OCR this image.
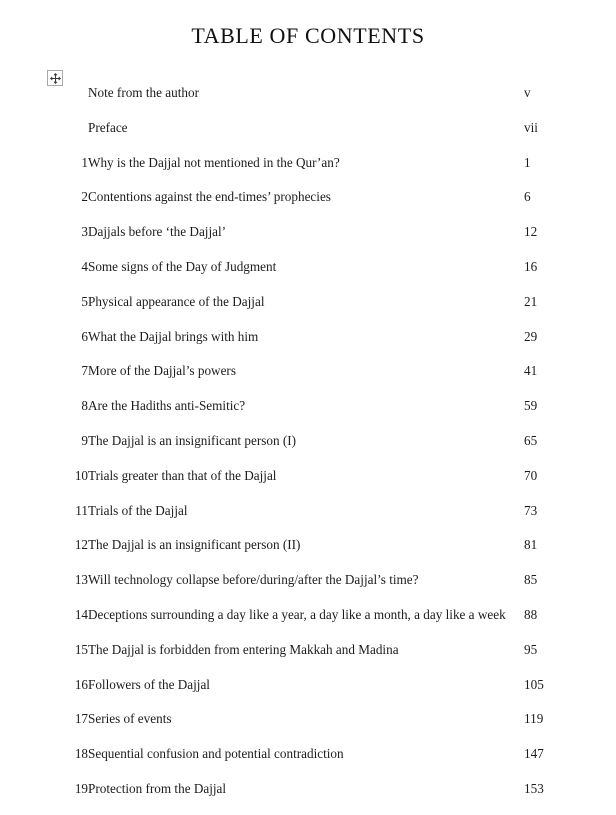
TABLE OF CONTENTS
	Note from the author	v
	Preface	vii
1	Why is the Dajjal not mentioned in the Qur’an?	1
2	Contentions against the end-times’ prophecies	6
3	Dajjals before ‘the Dajjal’	12
4	Some signs of the Day of Judgment	16
5	Physical appearance of the Dajjal	21
6	What the Dajjal brings with him	29
7	More of the Dajjal’s powers	41
8	Are the Hadiths anti-Semitic?	59
9	The Dajjal is an insignificant person (I)	65
10	Trials greater than that of the Dajjal	70
11	Trials of the Dajjal	73
12	The Dajjal is an insignificant person (II)	81
13	Will technology collapse before/during/after the Dajjal’s time?	85
14	Deceptions surrounding a day like a year, a day like a month, a day like a week	88
15	The Dajjal is forbidden from entering Makkah and Madina	95
16	Followers of the Dajjal	105
17	Series of events	119
18	Sequential confusion and potential contradiction	147
19	Protection from the Dajjal	153
